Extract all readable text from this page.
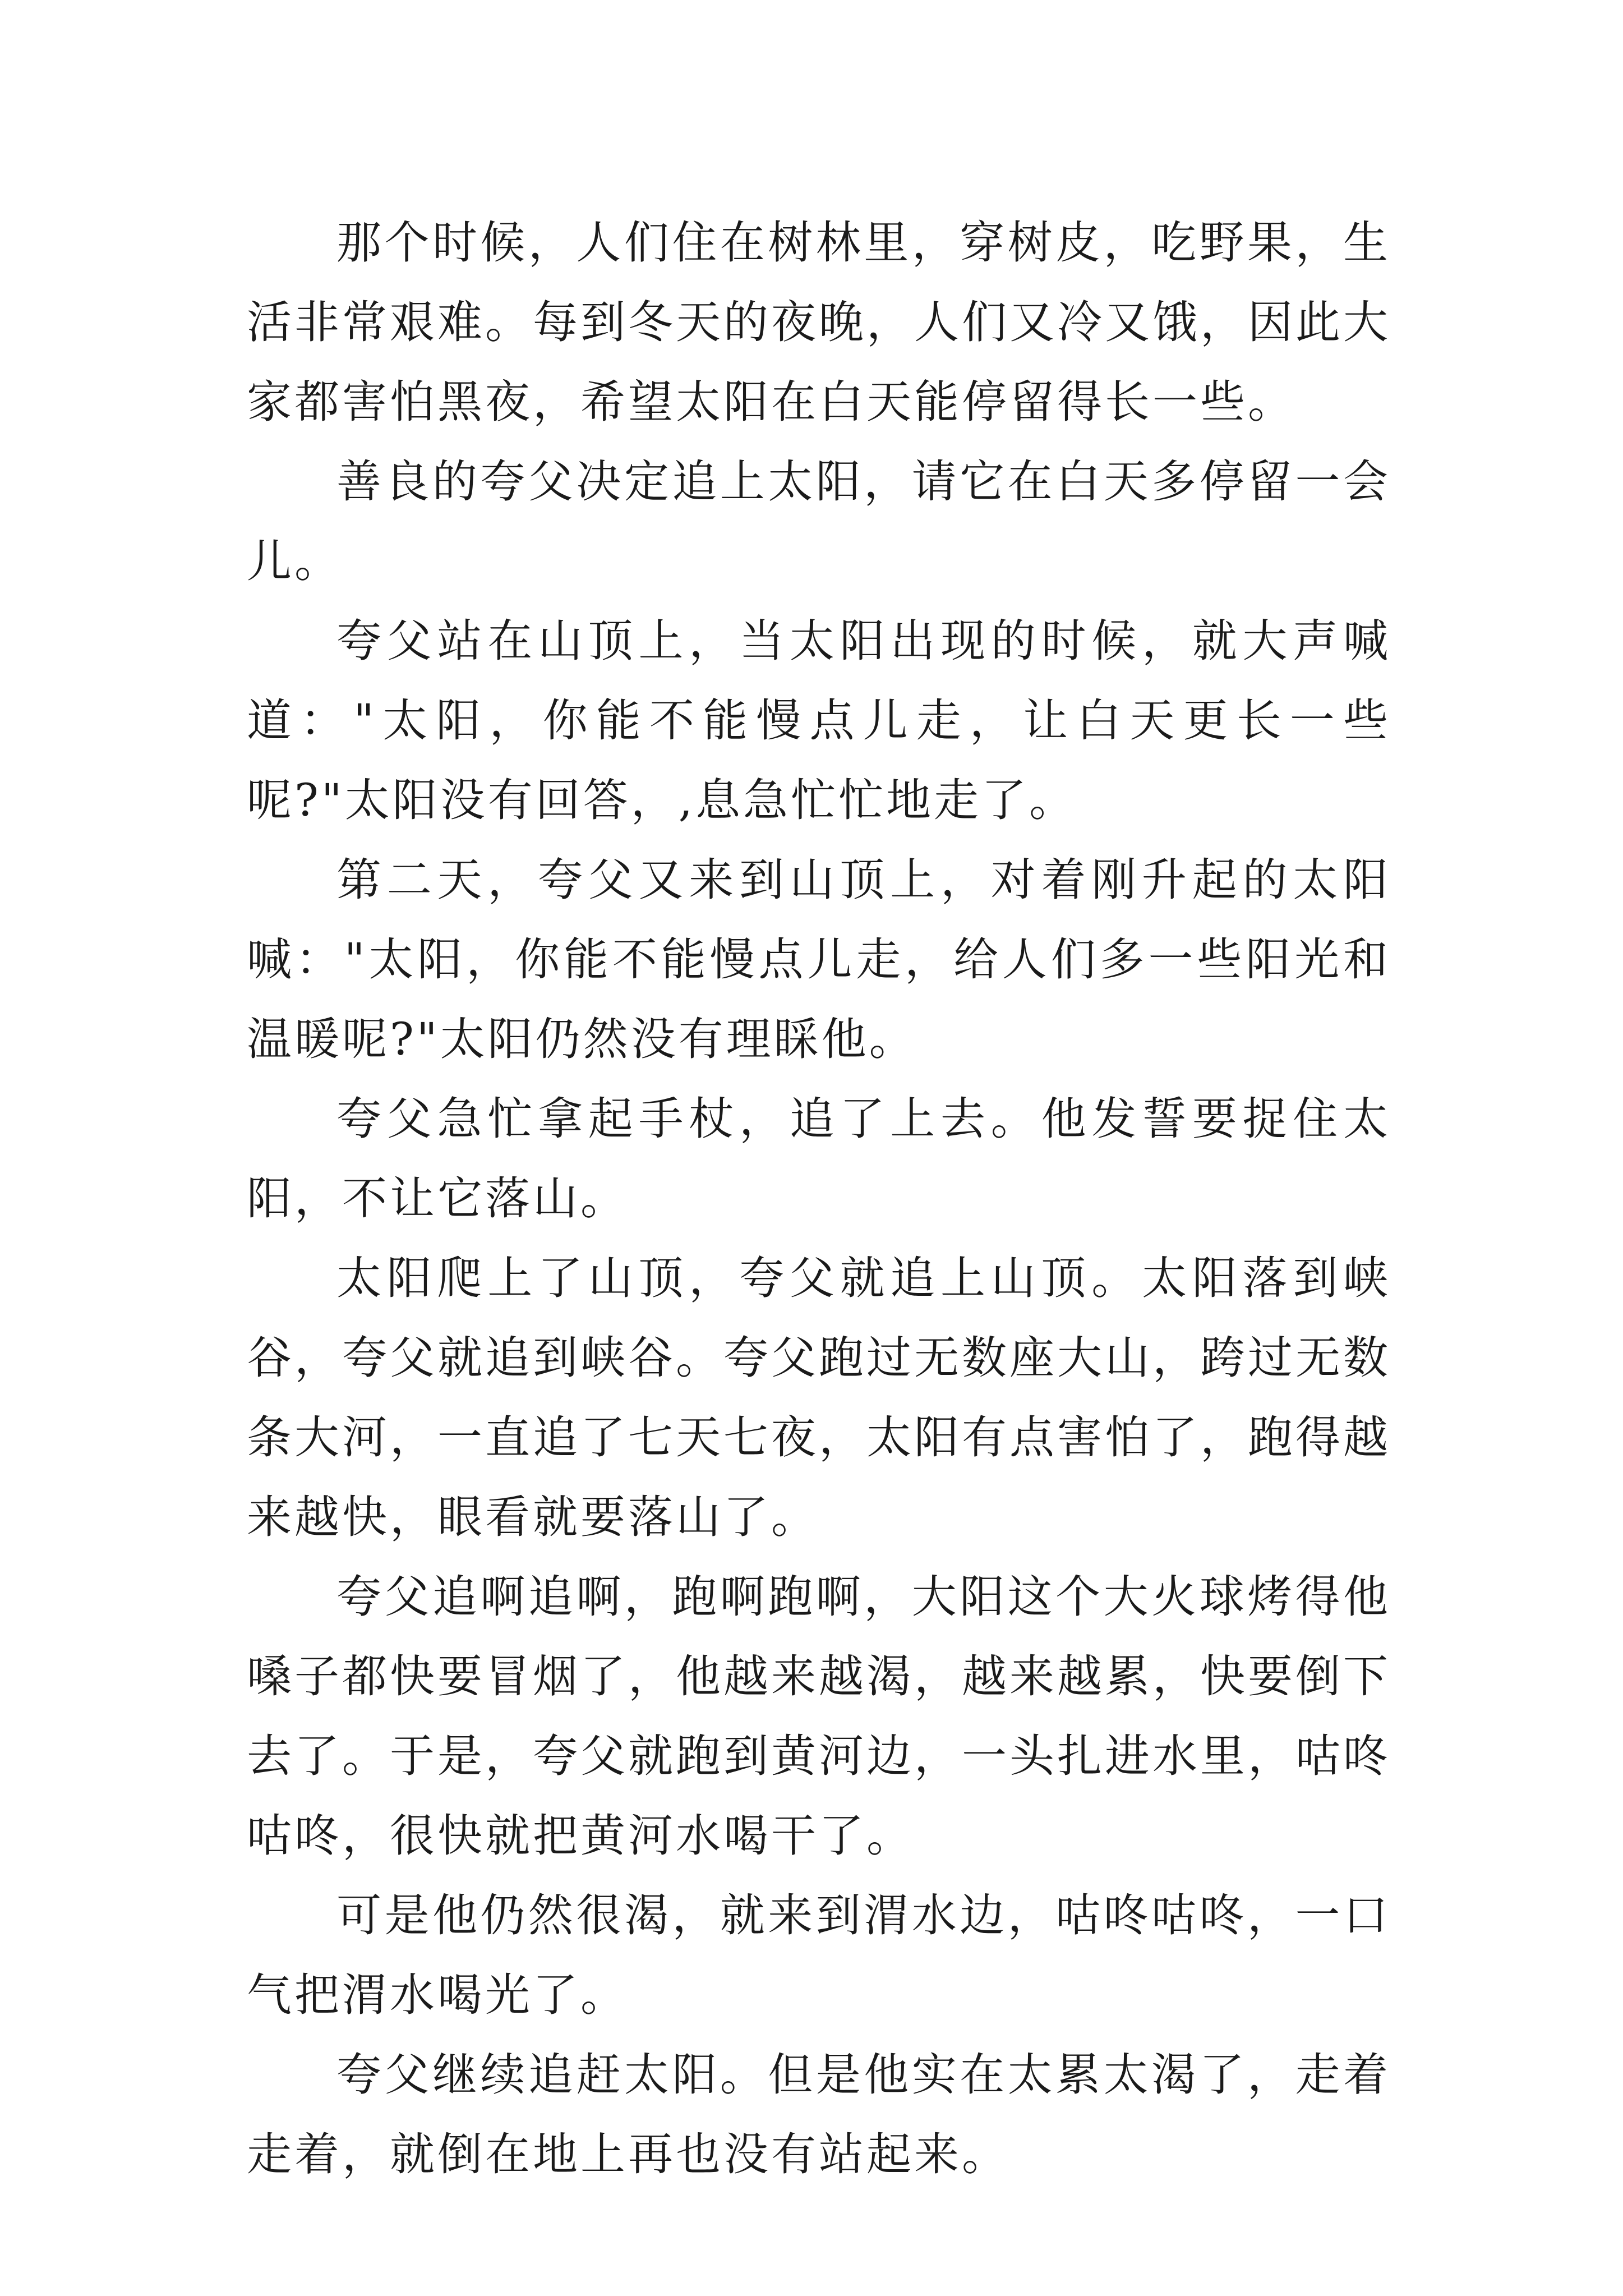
那个时候，人们住在树林里，穿树皮，吃野果，生活非常艰难。每到冬天的夜晚，人们又冷又饿，因此大家都害怕黑夜，希望太阳在白天能停留得长一些。

善良的夸父决定追上太阳，请它在白天多停留一会儿。

夸父站在山顶上，当太阳出现的时候，就大声喊道："太阳，你能不能慢点儿走，让白天更长一些呢?"太阳没有回答，,息急忙忙地走了。

第二天，夸父又来到山顶上，对着刚升起的太阳喊："太阳，你能不能慢点儿走，给人们多一些阳光和温暖呢?"太阳仍然没有理睬他。

夸父急忙拿起手杖，追了上去。他发誓要捉住太阳，不让它落山。

太阳爬上了山顶，夸父就追上山顶。太阳落到峡谷，夸父就追到峡谷。夸父跑过无数座大山，跨过无数条大河，一直追了七天七夜，太阳有点害怕了，跑得越来越快，眼看就要落山了。

夸父追啊追啊，跑啊跑啊，大阳这个大火球烤得他嗓子都快要冒烟了，他越来越渴，越来越累，快要倒下去了。于是，夸父就跑到黄河边，一头扎进水里，咕咚咕咚，很快就把黄河水喝干了。

可是他仍然很渴，就来到渭水边，咕咚咕咚，一口气把渭水喝光了。

夸父继续追赶太阳。但是他实在太累太渴了，走着走着，就倒在地上再也没有站起来。
